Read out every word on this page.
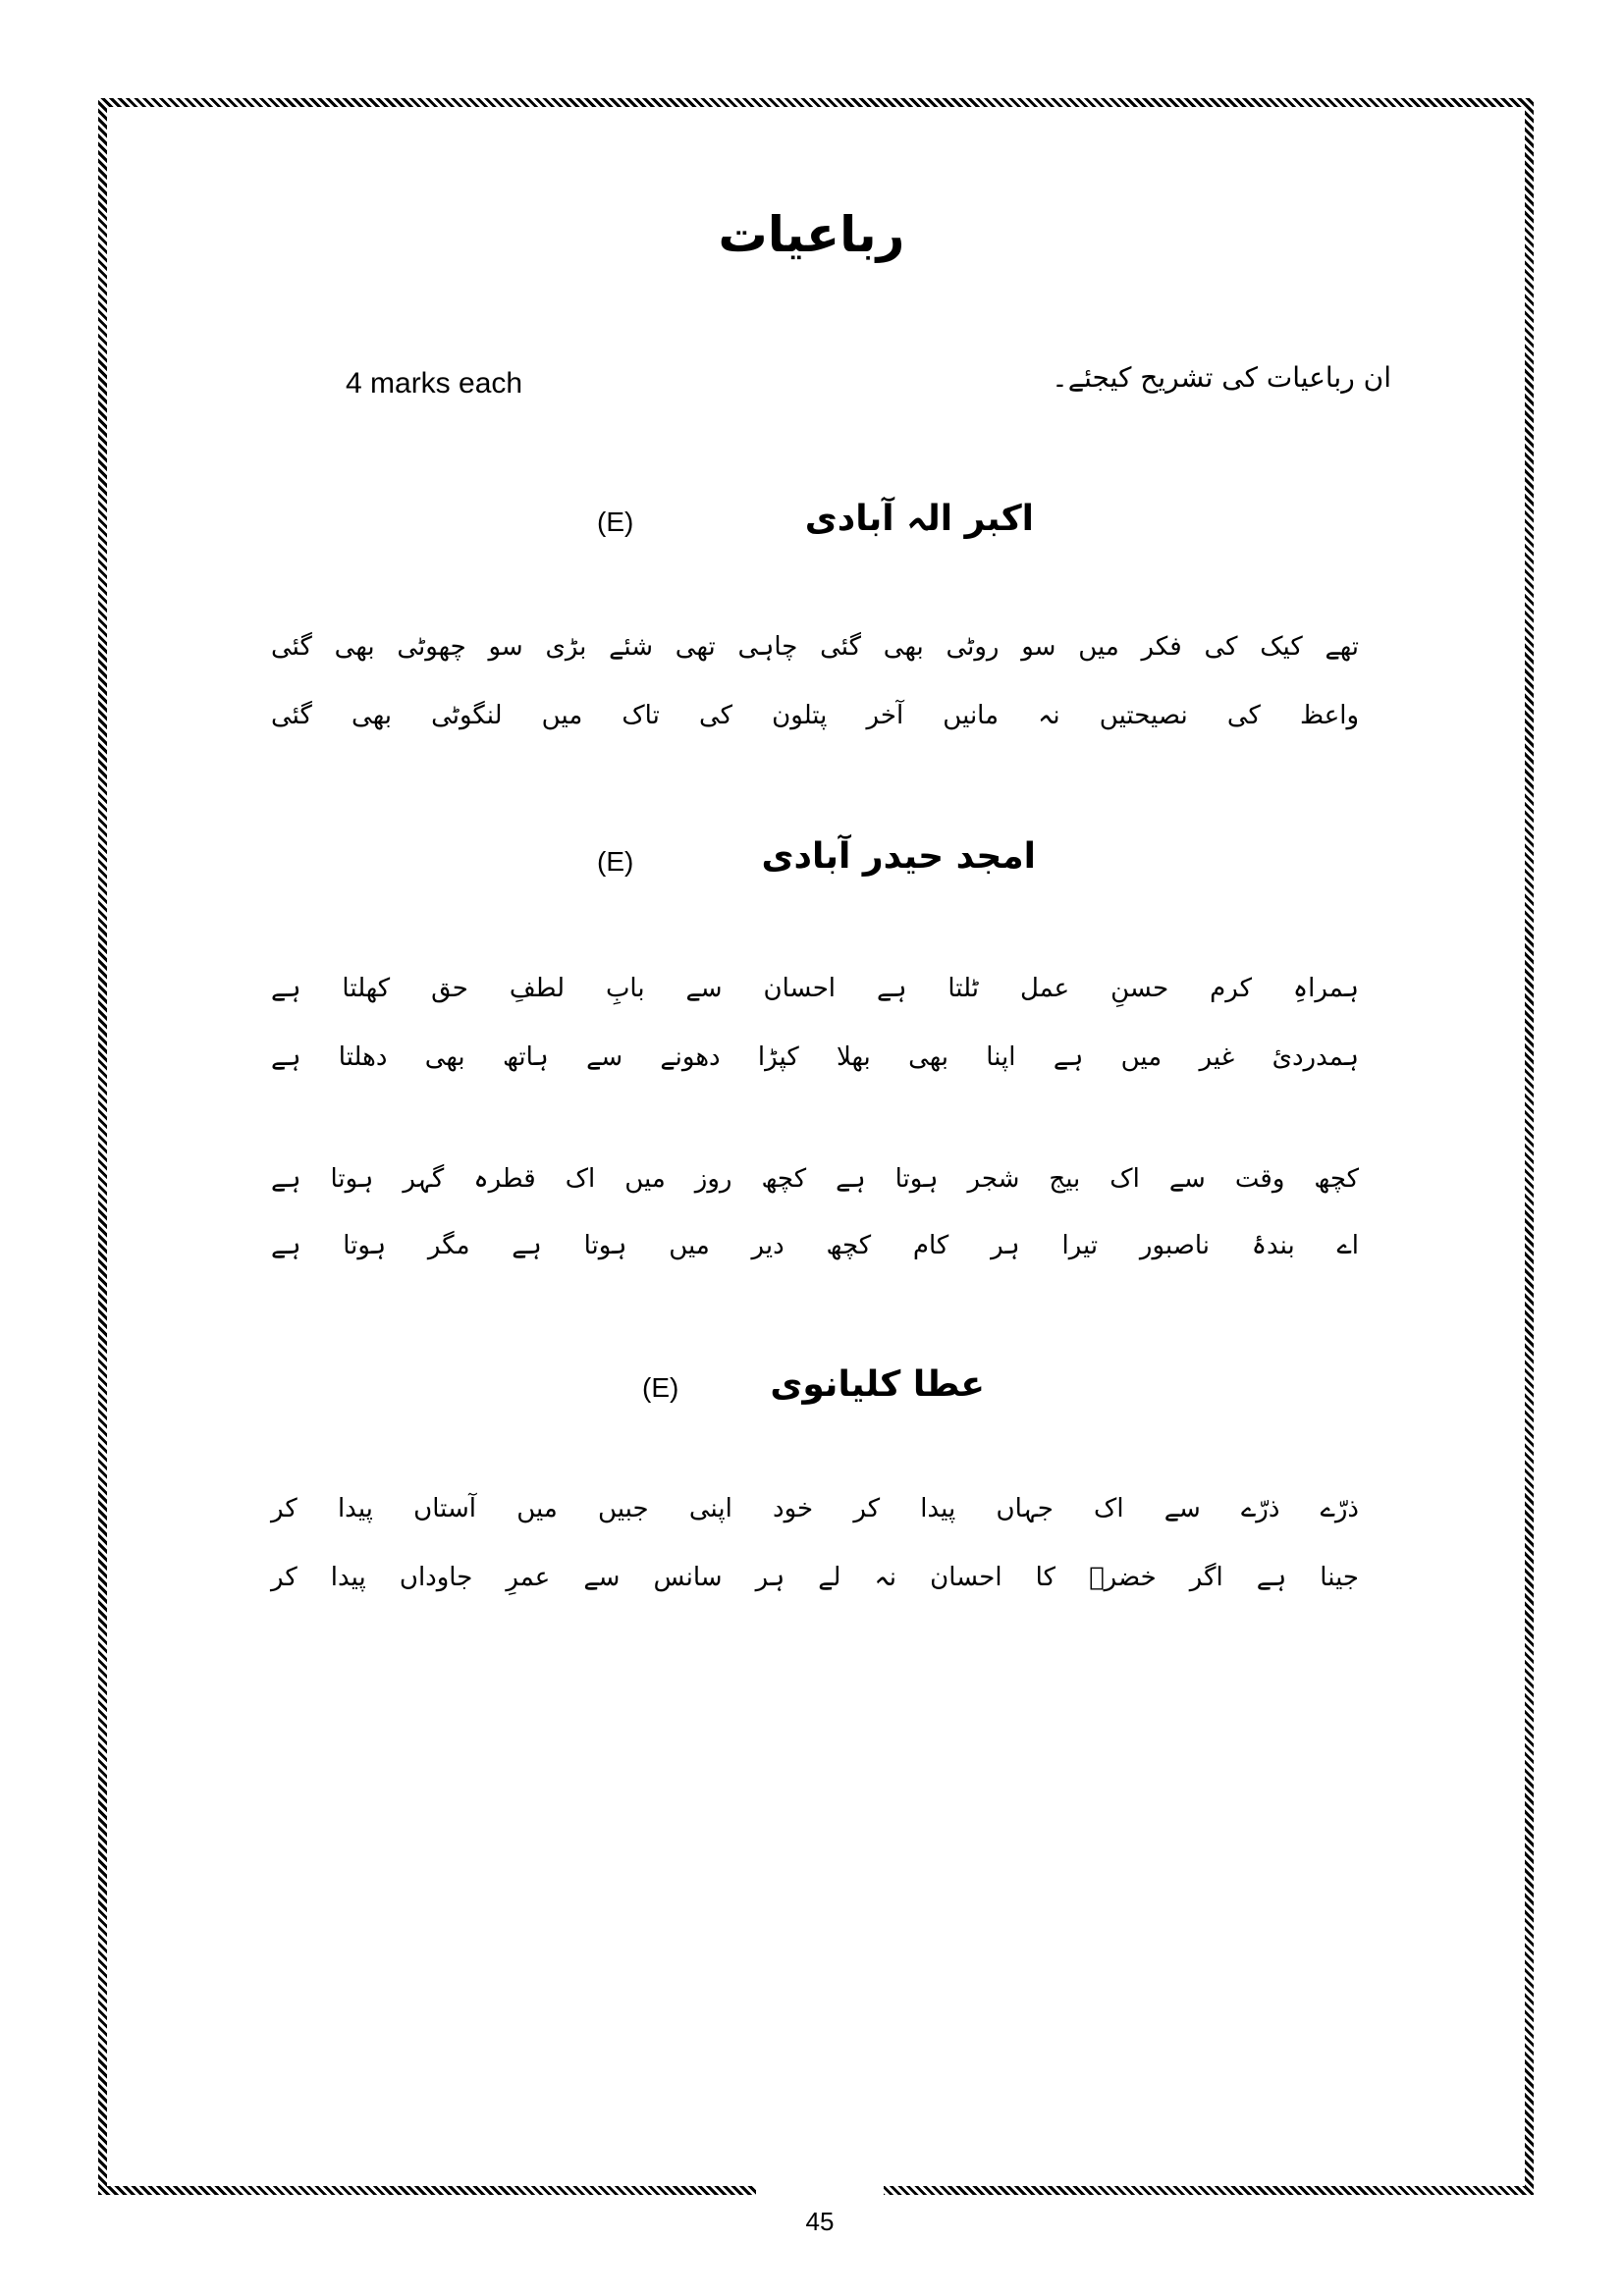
رباعیات
ان رباعیات کی تشریح کیجئے۔
4 marks each
اکبر الہ آبادی
(E)
تھے کیک کی فکر میں سو روٹی بھی گئی چاہی تھی شئے بڑی سو چھوٹی بھی گئی
واعظ کی نصیحتیں نہ مانیں آخر پتلون کی تاک میں لنگوٹی بھی گئی
امجد حیدر آبادی
(E)
ہمراہِ کرم حسنِ عمل ٹلتا ہے احسان سے بابِ لطفِ حق کھلتا ہے
ہمدردیٔ غیر میں ہے اپنا بھی بھلا کپڑا دھونے سے ہاتھ بھی دھلتا ہے
کچھ وقت سے اک بیج شجر ہوتا ہے کچھ روز میں اک قطرہ گہر ہوتا ہے
اے بندۂ ناصبور تیرا ہر کام کچھ دیر میں ہوتا ہے مگر ہوتا ہے
عطا کلیانوی
(E)
ذرّے ذرّے سے اک جہاں پیدا کر خود اپنی جبیں میں آستاں پیدا کر
جینا ہے اگر خضرؑ کا احسان نہ لے ہر سانس سے عمرِ جاوداں پیدا کر
45
